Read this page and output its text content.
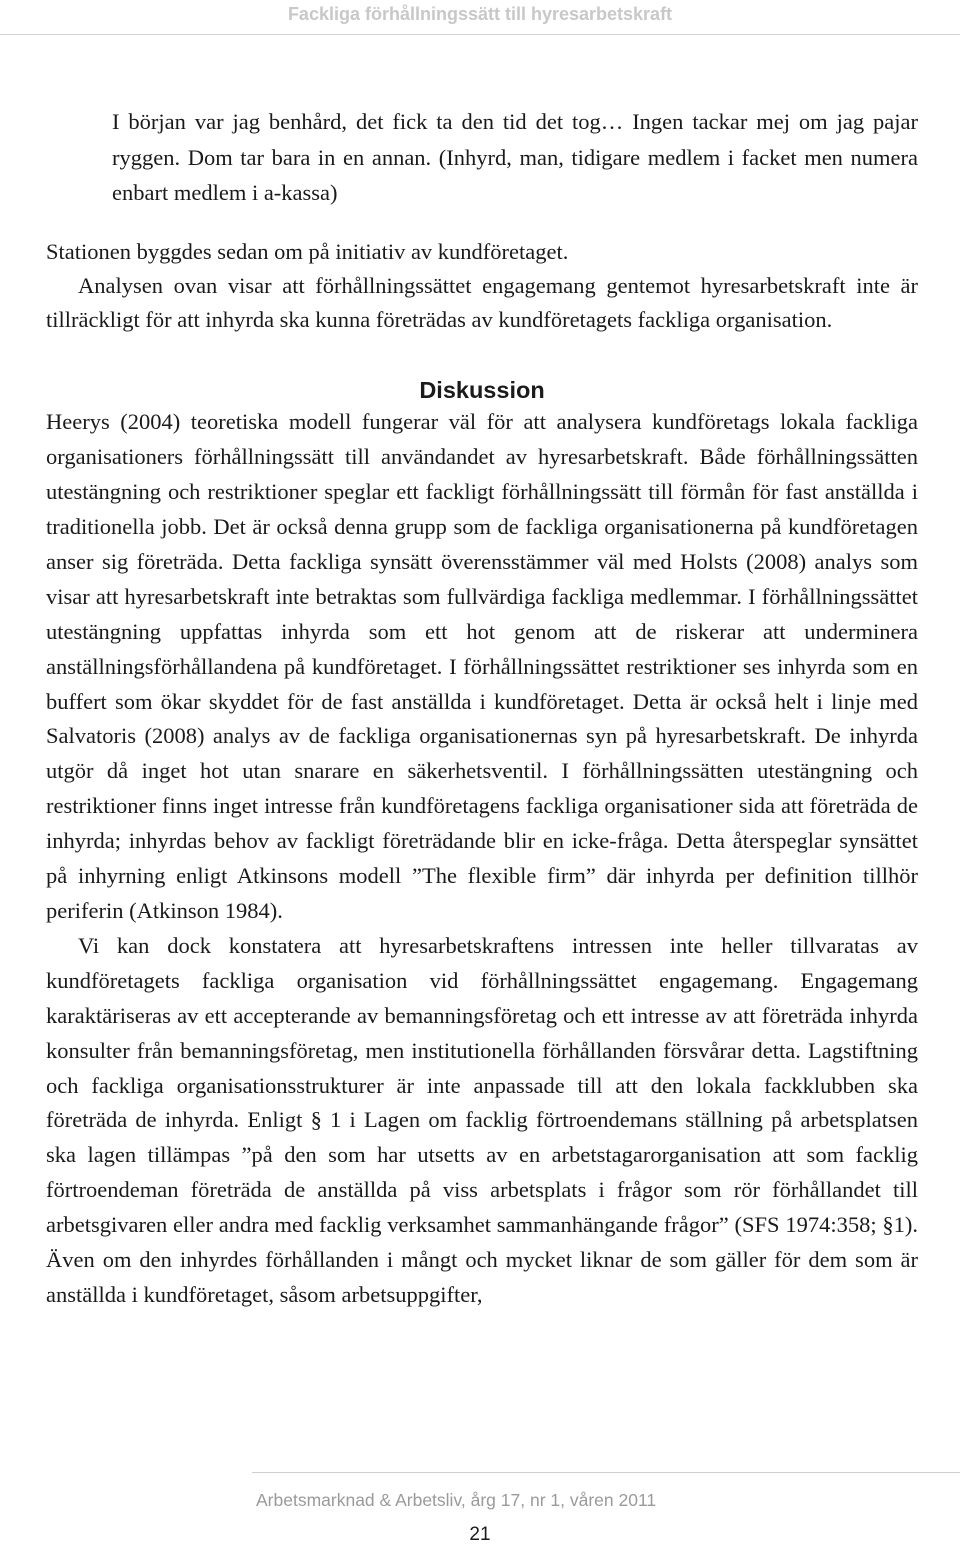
Fackliga förhållningssätt till hyresarbetskraft

I början var jag benhård, det fick ta den tid det tog… Ingen tackar mej om jag pajar ryggen. Dom tar bara in en annan. (Inhyrd, man, tidigare medlem i facket men numera enbart medlem i a-kassa)

Stationen byggdes sedan om på initiativ av kundföretaget.

Analysen ovan visar att förhållningssättet engagemang gentemot hyresarbetskraft inte är tillräckligt för att inhyrda ska kunna företrädas av kundföretagets fackliga organisation.

Diskussion

Heerys (2004) teoretiska modell fungerar väl för att analysera kundföretags lokala fackliga organisationers förhållningssätt till användandet av hyresarbetskraft. Både förhållningssätten utestängning och restriktioner speglar ett fackligt förhållningssätt till förmån för fast anställda i traditionella jobb. Det är också denna grupp som de fackliga organisationerna på kundföretagen anser sig företräda. Detta fackliga synsätt överensstämmer väl med Holsts (2008) analys som visar att hyresarbetskraft inte betraktas som fullvärdiga fackliga medlemmar. I förhållningssättet utestängning uppfattas inhyrda som ett hot genom att de riskerar att underminera anställningsförhållandena på kundföretaget. I förhållningssättet restriktioner ses inhyrda som en buffert som ökar skyddet för de fast anställda i kundföretaget. Detta är också helt i linje med Salvatoris (2008) analys av de fackliga organisationernas syn på hyresarbetskraft. De inhyrda utgör då inget hot utan snarare en säkerhetsventil. I förhållningssätten utestängning och restriktioner finns inget intresse från kundföretagens fackliga organisationer sida att företräda de inhyrda; inhyrdas behov av fackligt företrädande blir en icke-fråga. Detta återspeglar synsättet på inhyrning enligt Atkinsons modell ”The flexible firm” där inhyrda per definition tillhör periferin (Atkinson 1984).

Vi kan dock konstatera att hyresarbetskraftens intressen inte heller tillvaratas av kundföretagets fackliga organisation vid förhållningssättet engagemang. Engagemang karaktäriseras av ett accepterande av bemanningsföretag och ett intresse av att företräda inhyrda konsulter från bemanningsföretag, men institutionella förhållanden försvårar detta. Lagstiftning och fackliga organisationsstrukturer är inte anpassade till att den lokala fackklubben ska företräda de inhyrda. Enligt § 1 i Lagen om facklig förtroendemans ställning på arbetsplatsen ska lagen tillämpas ”på den som har utsetts av en arbetstagarorganisation att som facklig förtroendeman företräda de anställda på viss arbetsplats i frågor som rör förhållandet till arbetsgivaren eller andra med facklig verksamhet sammanhängande frågor” (SFS 1974:358; §1). Även om den inhyrdes förhållanden i mångt och mycket liknar de som gäller för dem som är anställda i kundföretaget, såsom arbetsuppgifter,

Arbetsmarknad & Arbetsliv, årg 17, nr 1, våren 2011
21
